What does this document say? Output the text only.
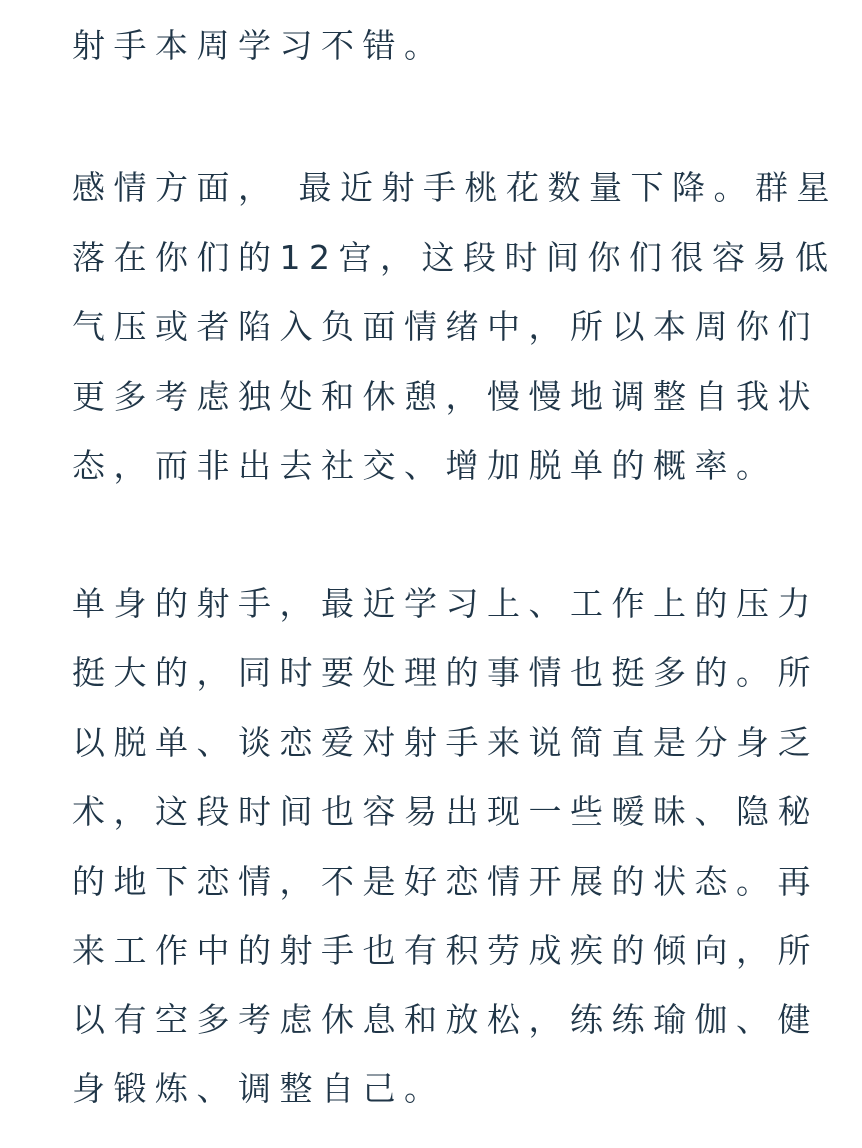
射手本周学习不错。
感情方面， 最近射手桃花数量下降。群星
落在你们的12宫，这段时间你们很容易低
气压或者陷入负面情绪中，所以本周你们
更多考虑独处和休憩，慢慢地调整自我状
态，而非出去社交、增加脱单的概率。
单身的射手，最近学习上、工作上的压力
挺大的，同时要处理的事情也挺多的。所
以脱单、谈恋爱对射手来说简直是分身乏
术，这段时间也容易出现一些暧昧、隐秘
的地下恋情，不是好恋情开展的状态。再
来工作中的射手也有积劳成疾的倾向，所
以有空多考虑休息和放松，练练瑜伽、健
身锻炼、调整自己。
